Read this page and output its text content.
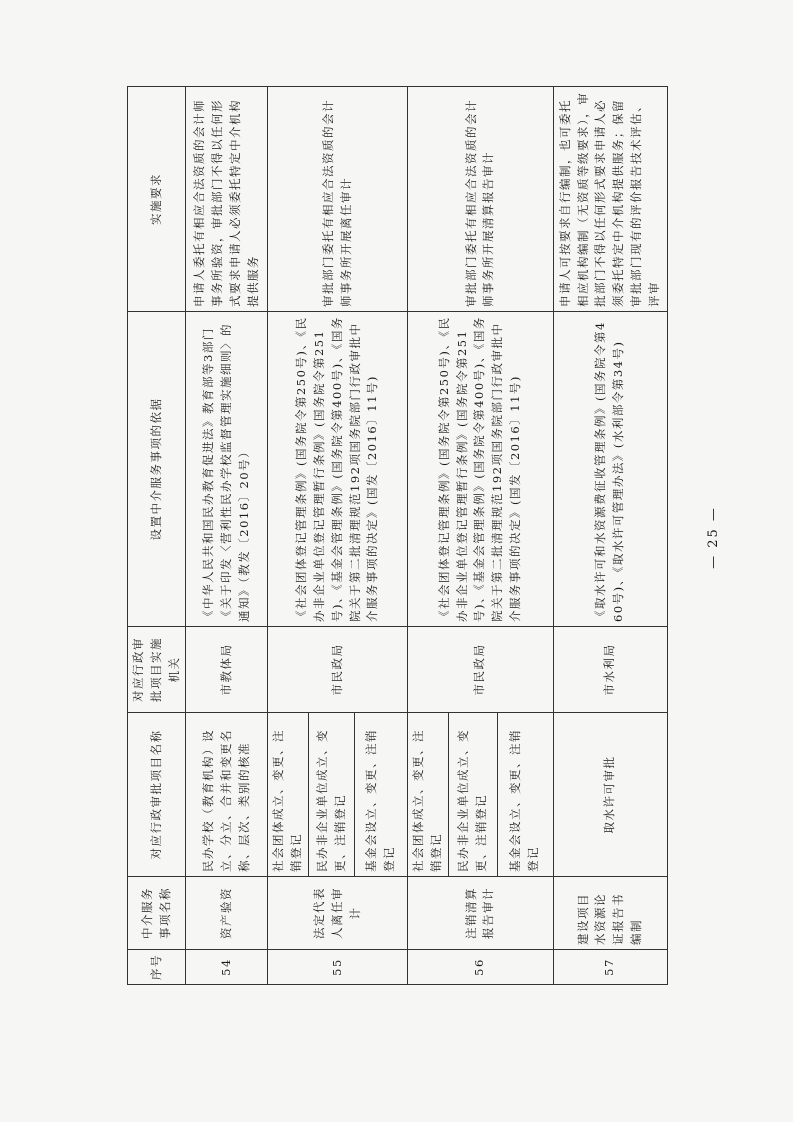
序号	中介服务事项名称	对应行政审批项目名称	对应行政审批项目实施机关	设置中介服务事项的依据	实施要求
54	资产验资	民办学校（教育机构）设立、分立、合并和变更名称、层次、类别的核准	市教体局	《中华人民共和国民办教育促进法》教育部等3部门《关于印发〈营利性民办学校监督管理实施细则〉的通知》（教发〔2016〕20号）	申请人委托有相应合法资质的会计师事务所验资，审批部门不得以任何形式要求申请人必须委托特定中介机构提供服务
55	法定代表人离任审计	社会团体成立、变更、注销登记	市民政局	《社会团体登记管理条例》(国务院令第250号)、《民办非企业单位登记管理暂行条例》(国务院令第251号)、《基金会管理条例》(国务院令第400号)、《国务院关于第二批清理规范192项国务院部门行政审批中介服务事项的决定》(国发〔2016〕11号)	审批部门委托有相应合法资质的会计师事务所开展离任审计
		民办非企业单位成立、变更、注销登记			
		基金会设立、变更、注销登记			
56	注销清算报告审计	社会团体成立、变更、注销登记	市民政局	《社会团体登记管理条例》(国务院令第250号)、《民办非企业单位登记管理暂行条例》(国务院令第251号)、《基金会管理条例》(国务院令第400号)、《国务院关于第二批清理规范192项国务院部门行政审批中介服务事项的决定》(国发〔2016〕11号)	审批部门委托有相应合法资质的会计师事务所开展清算报告审计
		民办非企业单位成立、变更、注销登记			
		基金会设立、变更、注销登记			
57	建设项目水资源论证报告书编制	取水许可审批	市水利局	《取水许可和水资源费征收管理条例》(国务院令第460号)、《取水许可管理办法》(水利部令第34号)	申请人可按要求自行编制，也可委托相应机构编制（无资质等级要求），审批部门不得以任何形式要求申请人必须委托特定中介机构提供服务；保留审批部门现有的评价报告技术评估、评审
— 25 —
